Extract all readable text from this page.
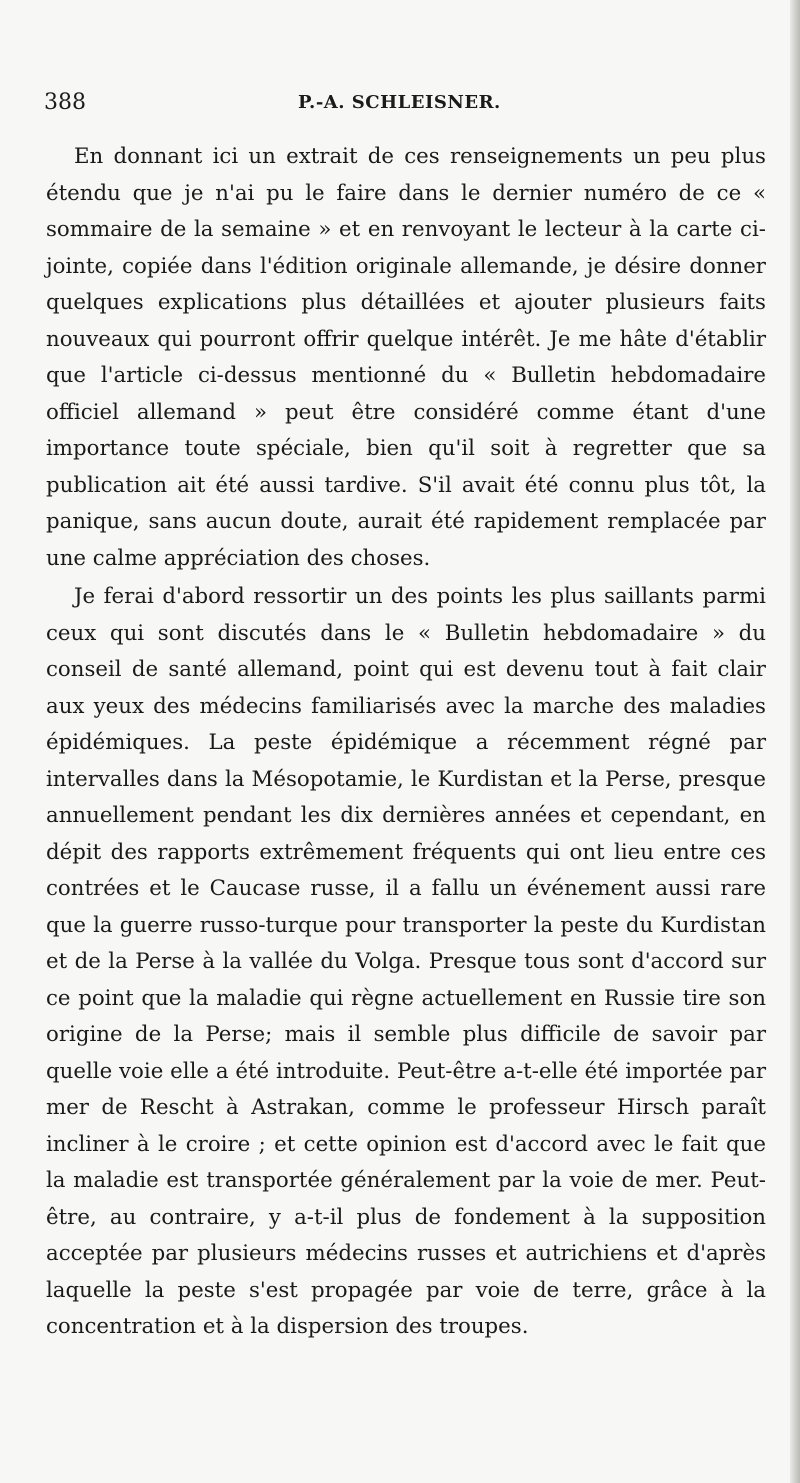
388	P.-A. SCHLEISNER.

En donnant ici un extrait de ces renseignements un peu plus étendu que je n'ai pu le faire dans le dernier numéro de ce « sommaire de la semaine » et en renvoyant le lecteur à la carte ci-jointe, copiée dans l'édition originale allemande, je désire donner quelques explications plus détaillées et ajouter plusieurs faits nouveaux qui pourront offrir quelque intérêt. Je me hâte d'établir que l'article ci-dessus mentionné du « Bulletin hebdomadaire officiel allemand » peut être considéré comme étant d'une importance toute spéciale, bien qu'il soit à regretter que sa publication ait été aussi tardive. S'il avait été connu plus tôt, la panique, sans aucun doute, aurait été rapidement remplacée par une calme appréciation des choses.

Je ferai d'abord ressortir un des points les plus saillants parmi ceux qui sont discutés dans le « Bulletin hebdomadaire » du conseil de santé allemand, point qui est devenu tout à fait clair aux yeux des médecins familiarisés avec la marche des maladies épidémiques. La peste épidémique a récemment régné par intervalles dans la Mésopotamie, le Kurdistan et la Perse, presque annuellement pendant les dix dernières années et cependant, en dépit des rapports extrêmement fréquents qui ont lieu entre ces contrées et le Caucase russe, il a fallu un événement aussi rare que la guerre russo-turque pour transporter la peste du Kurdistan et de la Perse à la vallée du Volga. Presque tous sont d'accord sur ce point que la maladie qui règne actuellement en Russie tire son origine de la Perse; mais il semble plus difficile de savoir par quelle voie elle a été introduite. Peut-être a-t-elle été importée par mer de Rescht à Astrakan, comme le professeur Hirsch paraît incliner à le croire ; et cette opinion est d'accord avec le fait que la maladie est transportée généralement par la voie de mer. Peut-être, au contraire, y a-t-il plus de fondement à la supposition acceptée par plusieurs médecins russes et autrichiens et d'après laquelle la peste s'est propagée par voie de terre, grâce à la concentration et à la dispersion des troupes.
